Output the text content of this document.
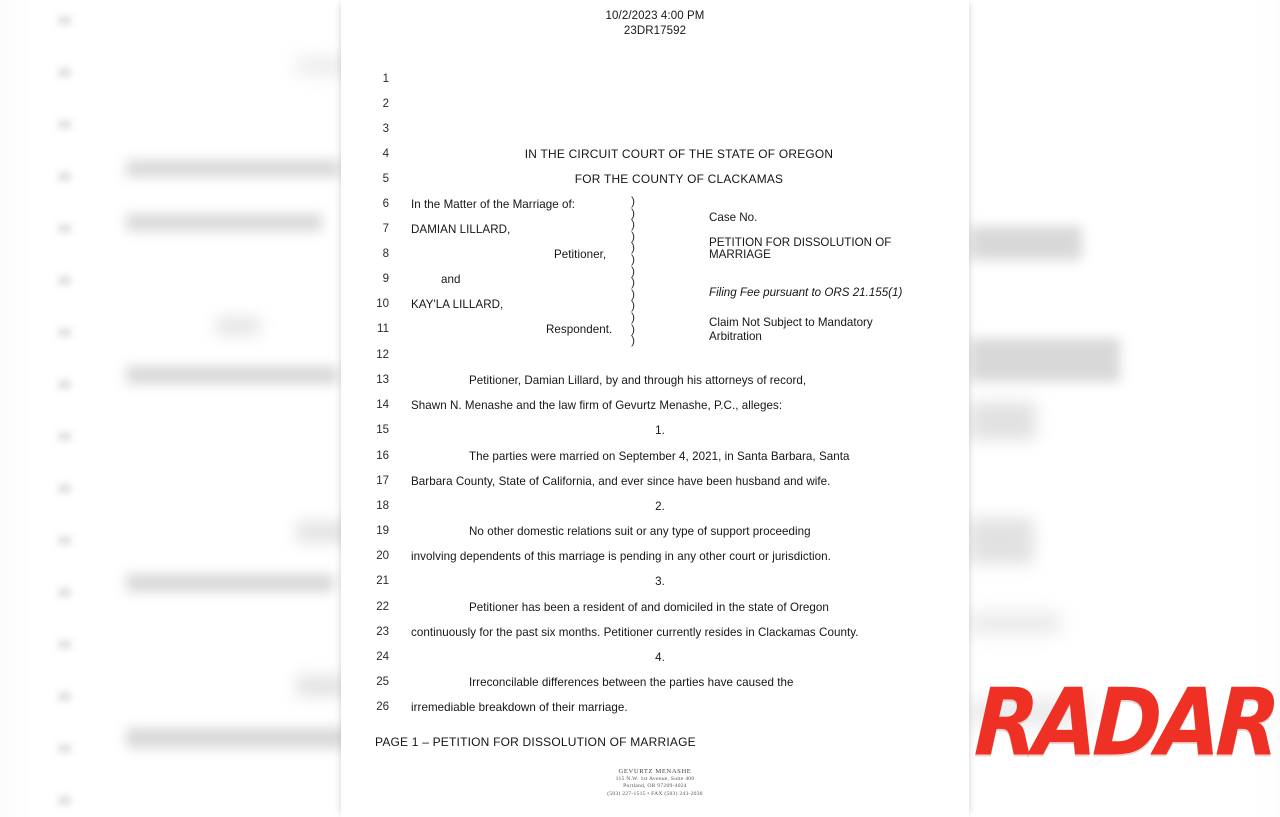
10/2/2023 4:00 PM
23DR17592
1
2
3
4
5
6
7
8
9
10
11
12
13
14
15
16
17
18
19
20
21
22
23
24
25
26
IN THE CIRCUIT COURT OF THE STATE OF OREGON
FOR THE COUNTY OF CLACKAMAS
In the Matter of the Marriage of:
DAMIAN LILLARD,
Petitioner,
and
KAY'LA LILLARD,
Respondent.
Petitioner, Damian Lillard, by and through his attorneys of record,
Shawn N. Menashe and the law firm of Gevurtz Menashe, P.C., alleges:
1.
The parties were married on September 4, 2021, in Santa Barbara, Santa
Barbara County, State of California, and ever since have been husband and wife.
2.
No other domestic relations suit or any type of support proceeding
involving dependents of this marriage is pending in any other court or jurisdiction.
3.
Petitioner has been a resident of and domiciled in the state of Oregon
continuously for the past six months. Petitioner currently resides in Clackamas County.
4.
Irreconcilable differences between the parties have caused the
irremediable breakdown of their marriage.
Case No.
PETITION FOR DISSOLUTION OF
MARRIAGE
Filing Fee pursuant to ORS 21.155(1)
Claim Not Subject to Mandatory
Arbitration
)
)
)
)
)
)
)
)
)
)
)
)
)
PAGE 1 – PETITION FOR DISSOLUTION OF MARRIAGE
GEVURTZ MENASHE
115 N.W. 1st Avenue, Suite 400
Portland, OR 97209-4024
(503) 227-1515 • FAX (503) 243-2038
RADAR
